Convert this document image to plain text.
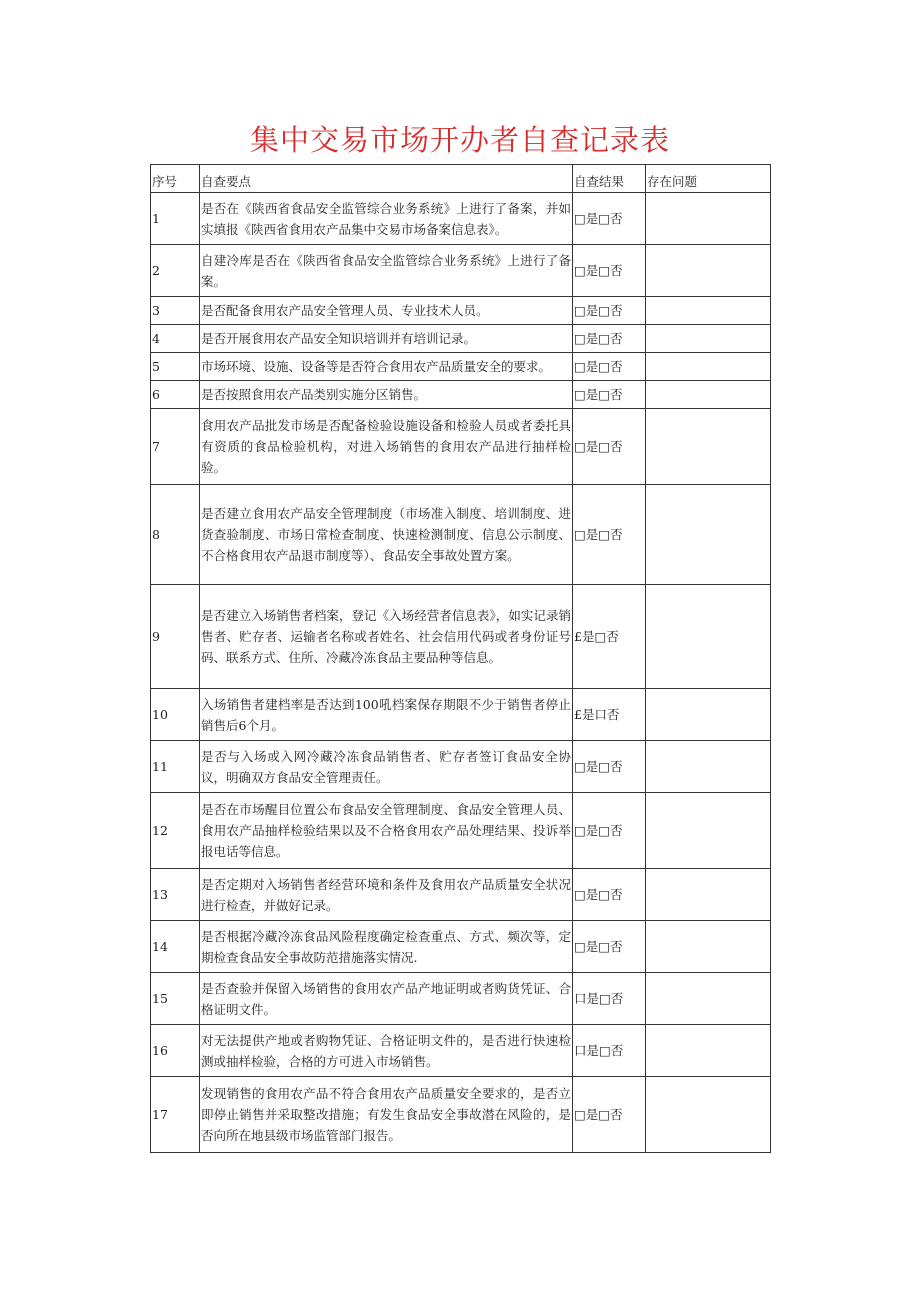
集中交易市场开办者自查记录表
序号	自查要点	自查结果	存在问题
1	是否在《陕西省食品安全监管综合业务系统》上进行了备案，并如实填报《陕西省食用农产品集中交易市场备案信息表》。	□是□否	
2	自建冷库是否在《陕西省食品安全监管综合业务系统》上进行了备案。	□是□否	
3	是否配备食用农产品安全管理人员、专业技术人员。	□是□否	
4	是否开展食用农产品安全知识培训并有培训记录。	□是□否	
5	市场环境、设施、设备等是否符合食用农产品质量安全的要求。	□是□否	
6	是否按照食用农产品类别实施分区销售。	□是□否	
7	食用农产品批发市场是否配备检验设施设备和检验人员或者委托具有资质的食品检验机构，对进入场销售的食用农产品进行抽样检验。	□是□否	
8	是否建立食用农产品安全管理制度（市场准入制度、培训制度、进货查验制度、市场日常检查制度、快速检测制度、信息公示制度、不合格食用农产品退市制度等）、食品安全事故处置方案。	□是□否	
9	是否建立入场销售者档案，登记《入场经营者信息表》，如实记录销售者、贮存者、运输者名称或者姓名、社会信用代码或者身份证号码、联系方式、住所、冷藏冷冻食品主要品种等信息。	£是□否	
10	入场销售者建档率是否达到100吼档案保存期限不少于销售者停止销售后6个月。	£是口否	
11	是否与入场或入网冷藏冷冻食品销售者、贮存者签订食品安全协议，明确双方食品安全管理责任。	□是□否	
12	是否在市场醒目位置公布食品安全管理制度、食品安全管理人员、食用农产品抽样检验结果以及不合格食用农产品处理结果、投诉举报电话等信息。	□是□否	
13	是否定期对入场销售者经营环境和条件及食用农产品质量安全状况进行检查，并做好记录。	□是□否	
14	是否根据冷藏冷冻食品风险程度确定检查重点、方式、频次等，定期检查食品安全事故防范措施落实情况.	□是□否	
15	是否查验并保留入场销售的食用农产品产地证明或者购货凭证、合格证明文件。	口是□否	
16	对无法提供产地或者购物凭证、合格证明文件的，是否进行快速检测或抽样检验，合格的方可进入市场销售。	口是□否	
17	发现销售的食用农产品不符合食用农产品质量安全要求的，是否立即停止销售并采取整改措施；有发生食品安全事故潜在风险的，是否向所在地县级市场监管部门报告。	□是□否	
